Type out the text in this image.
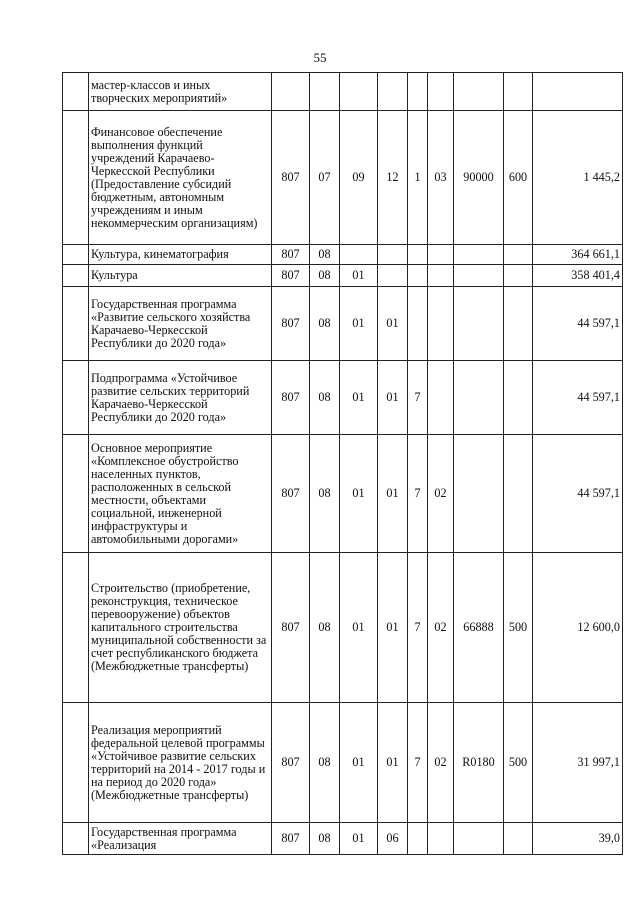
55
	мастер-классов и иных творческих мероприятий»									
	Финансовое обеспечение выполнения функций учреждений Карачаево-Черкесской Республики (Предоставление субсидий бюджетным, автономным учреждениям и иным некоммерческим организациям)	807	07	09	12	1	03	90000	600	1 445,2
	Культура, кинематография	807	08							364 661,1
	Культура	807	08	01						358 401,4
	Государственная программа «Развитие сельского хозяйства Карачаево-Черкесской Республики до 2020 года»	807	08	01	01					44 597,1
	Подпрограмма «Устойчивое развитие сельских территорий Карачаево-Черкесской Республики до 2020 года»	807	08	01	01	7				44 597,1
	Основное мероприятие «Комплексное обустройство населенных пунктов, расположенных в сельской местности, объектами социальной, инженерной инфраструктуры и автомобильными дорогами»	807	08	01	01	7	02			44 597,1
	Строительство (приобретение, реконструкция, техническое перевооружение) объектов капитального строительства муниципальной собственности за счет республиканского бюджета (Межбюджетные трансферты)	807	08	01	01	7	02	66888	500	12 600,0
	Реализация мероприятий федеральной целевой программы «Устойчивое развитие сельских территорий на 2014 - 2017 годы и на период до 2020 года» (Межбюджетные трансферты)	807	08	01	01	7	02	R0180	500	31 997,1
	Государственная программа «Реализация	807	08	01	06					39,0
